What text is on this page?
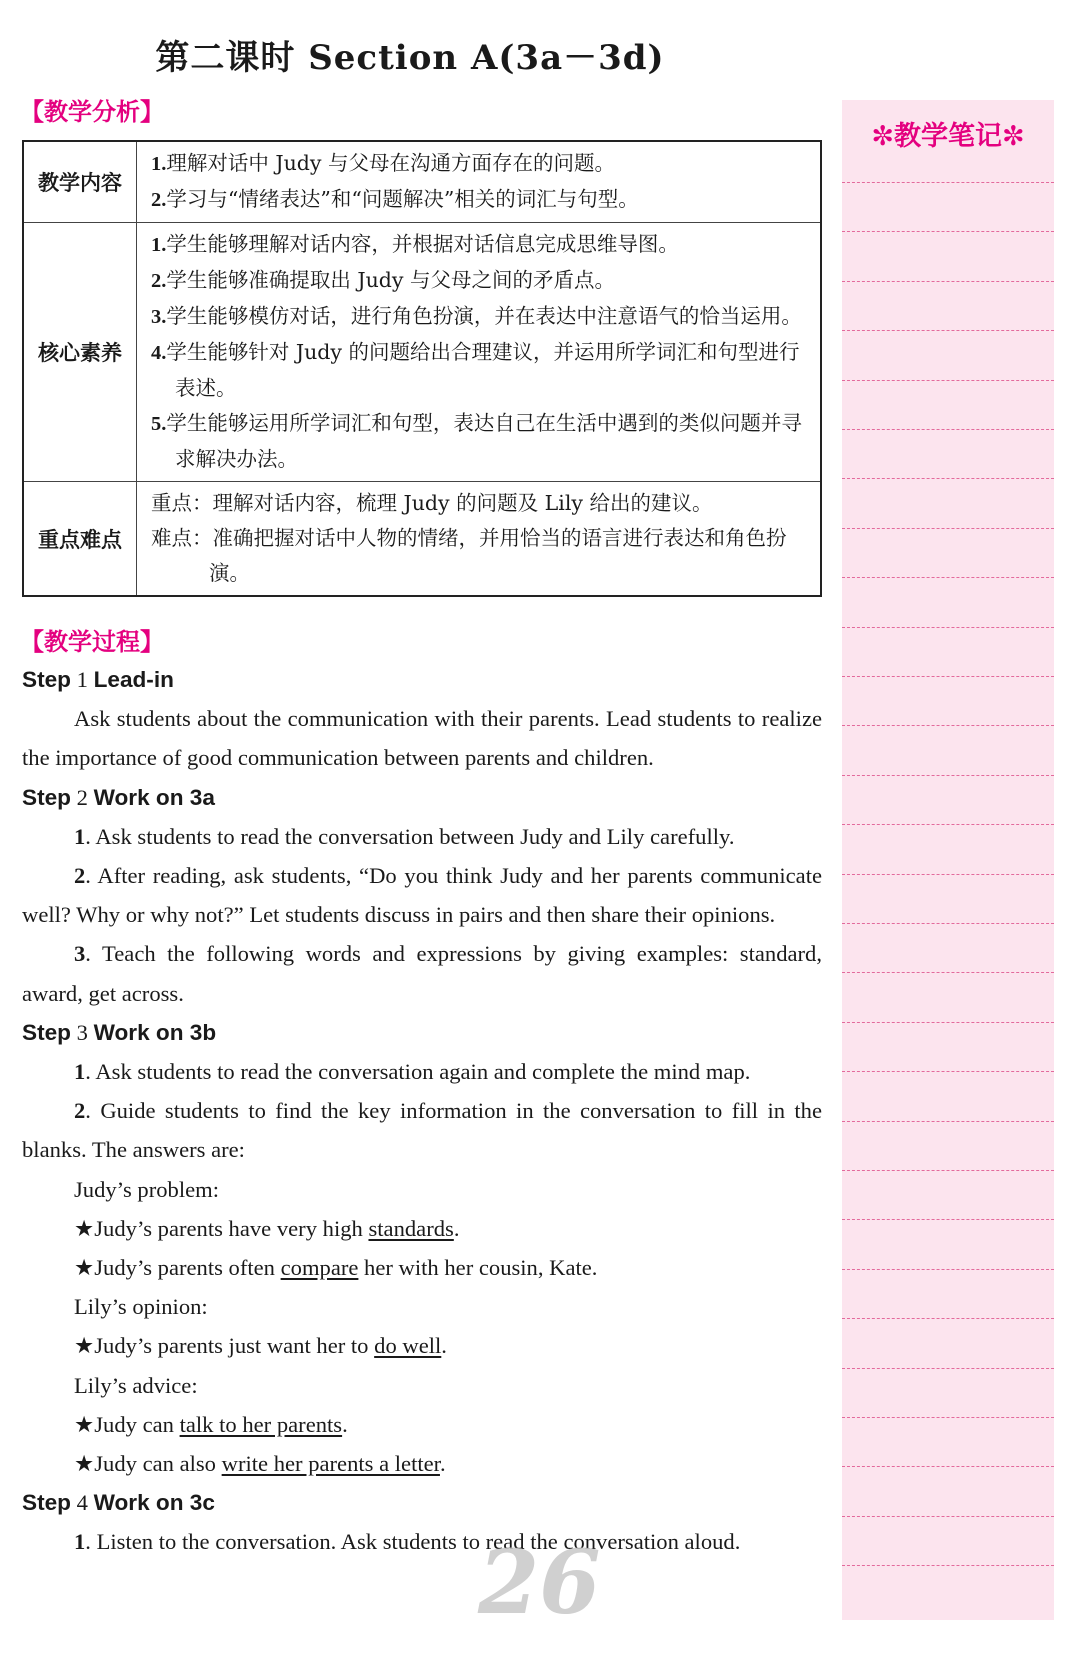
第二课时 Section A(3a－3d)
【教学分析】
教学内容	1.理解对话中 Judy 与父母在沟通方面存在的问题。
2.学习与“情绪表达”和“问题解决”相关的词汇与句型。

核心素养	1.学生能够理解对话内容，并根据对话信息完成思维导图。
2.学生能够准确提取出 Judy 与父母之间的矛盾点。
3.学生能够模仿对话，进行角色扮演，并在表达中注意语气的恰当运用。
4.学生能够针对 Judy 的问题给出合理建议，并运用所学词汇和句型进行表述。
5.学生能够运用所学词汇和句型，表达自己在生活中遇到的类似问题并寻求解决办法。

重点难点	重点：理解对话内容，梳理 Judy 的问题及 Lily 给出的建议。
难点：准确把握对话中人物的情绪，并用恰当的语言进行表达和角色扮演。
【教学过程】

Step 1 Lead-in

Ask students about the communication with their parents. Lead students to realize the importance of good communication between parents and children.

Step 2 Work on 3a

1. Ask students to read the conversation between Judy and Lily carefully.

2. After reading, ask students, “Do you think Judy and her parents communicate well? Why or why not?” Let students discuss in pairs and then share their opinions.

3. Teach the following words and expressions by giving examples: standard, award, get across.

Step 3 Work on 3b

1. Ask students to read the conversation again and complete the mind map.

2. Guide students to find the key information in the conversation to fill in the blanks. The answers are:

Judy’s problem:

★Judy’s parents have very high standards.

★Judy’s parents often compare her with her cousin, Kate.

Lily’s opinion:

★Judy’s parents just want her to do well.

Lily’s advice:

★Judy can talk to her parents.

★Judy can also write her parents a letter.

Step 4 Work on 3c

1. Listen to the conversation. Ask students to read the conversation aloud.

26
✼教学笔记✼
